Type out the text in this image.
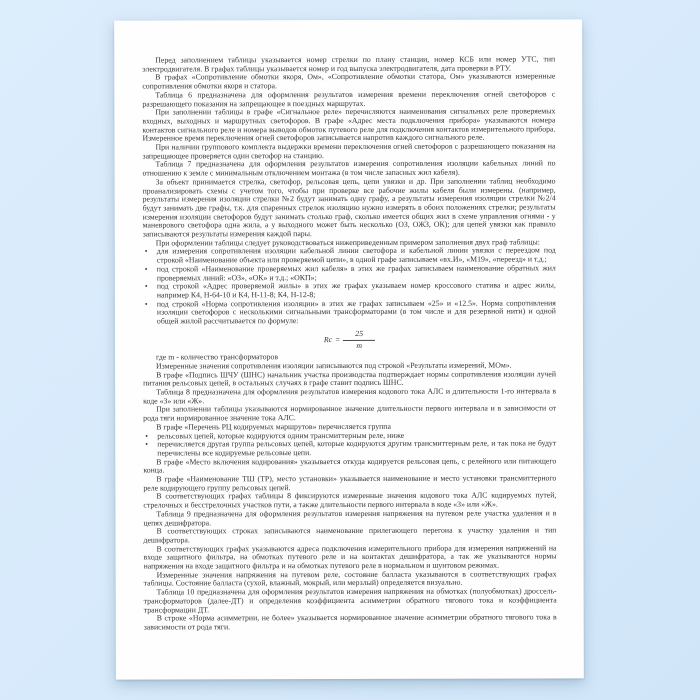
Перед заполнением таблицы указывается номер стрелки по плану станции, номер КСБ или номер УТС, тип электродвигателя. В графах таблицы указывается номер и год выпуска электродвигателя, дата проверки в РТУ.
В графах «Сопротивление обмотки якоря, Ом», «Сопротивление обмотки статора, Ом» указываются измеренные сопротивления обмотки якоря и статора.
Таблица 6 предназначена для оформления результатов измерения времени переключения огней светофоров с разрешающего показания на запрещающее в поездных маршрутах.
При заполнении таблицы в графе «Сигнальное реле» перечисляются наименования сигнальных реле проверяемых входных, выходных и маршрутных светофоров. В графе «Адрес места подключения прибора» указываются номера контактов сигнального реле и номера выводов обмоток путевого реле для подключения контактов измерительного прибора. Измеренное время переключения огней светофоров записывается напротив каждого сигнального реле.
При наличии группового комплекта выдержки времени переключения огней светофоров с разрешающего показания на запрещающее проверяется один светофор на станцию.
Таблица 7 предназначена для оформления результатов измерения сопротивления изоляции кабельных линий по отношению к земле с минимальным отключением монтажа (в том числе запасных жил кабеля).
За объект принимается стрелка, светофор, рельсовая цепь, цепи увязки и др. При заполнении таблиц необходимо проанализировать схемы с учетом того, чтобы при проверке все рабочие жилы кабеля были измерены. (например, результаты измерения изоляции стрелки №2 будут занимать одну графу, а результаты измерения изоляции стрелки №2/4 будут занимать две графы, т.к. для спаренных стрелок изоляцию нужно измерять в обоих положениях стрелки; результаты измерения изоляции светофоров будут занимать столько граф, сколько имеется общих жил в схеме управления огнями - у маневрового светофора одна жила, а у выходного может быть несколько (ОЗ, ОЖЗ, ОК); для цепей увязки как правило записываются результаты измерения каждой пары.
При оформлении таблицы следует руководствоваться нижеприведенным примером заполнения двух граф таблицы:
•	для измерения сопротивления изоляции кабельной линии светофора и кабельной линии увязки с переездом под строкой «Наименование объекта или проверяемой цепи», в одной графе записываем «вх.И», «М19», «переезд» и т.д.;
•	под строкой «Наименование проверяемых жил кабеля» в этих же графах записываем наименование обратных жил проверяемых линий: «ОЗ», «ОК» и т.д.; «ОКП»;
•	под строкой «Адрес проверяемой жилы» в этих же графах указываем номер кроссового статива и адрес жилы, например К4, Н-64-10 и К4, Н-11-8; К4, Н-12-8;
•	под строкой «Норма сопротивления изоляции» в этих же графах записываем «25» и «12.5». Норма сопротивления изоляции светофоров с несколькими сигнальными трансформаторами (в том числе и для резервной нити) и одной общей жилой рассчитывается по формуле:
$Rc = \frac{25}{m}$
где m - количество трансформаторов
Измеренные значения сопротивления изоляции записываются под строкой «Результаты измерений, МОм».
В графе «Подпись ШЧУ (ШНС) начальник участка производства подтверждает нормы сопротивления изоляции лучей питания рельсовых цепей, в остальных случаях в графе ставит подпись ШНС.
Таблица 8 предназначена для оформления результатов измерения кодового тока АЛС и длительности 1-го интервала в коде «З» или «Ж».
При заполнении таблицы указываются нормированное значение длительности первого интервала и в зависимости от рода тяги нормированное значение тока АЛС.
В графе «Перечень РЦ кодируемых маршрутов» перечисляется группа
•	рельсовых цепей, которые кодируются одним трансмиттерным реле, ниже
•	перечисляется другая группа рельсовых цепей, которые кодируются другим трансмиттерным реле, и так пока не будут перечислены все кодируемые рельсовые цепи.
В графе «Место включения кодирования» указывается откуда кодируется рельсовая цепь, с релейного или питающего конца.
В графе «Наименование ТШ (ТР), место установки» указывается наименование и место установки трансмиттерного реле кодирующего группу рельсовых цепей.
В соответствующих графах таблицы 8 фиксируются измеренные значения кодового тока АЛС кодируемых путей, стрелочных и бесстрелочных участков пути, а также длительности первого интервала в коде «З» или «Ж».
Таблица 9 предназначена для оформления результатов измерения напряжения на путевом реле участка удаления и в цепях дешифратора.
В соответствующих строках записываются наименование прилегающего перегона к участку удаления и тип дешифратора.
В соответствующих графах указываются адреса подключения измерительного прибора для измерения напряжений на входе защитного фильтра, на обмотках путевого реле и на контактах дешифратора, а так же указываются нормы напряжения на входе защитного фильтра и на обмотках путевого реле в нормальном и шунтовом режимах.
Измеренные значения напряжения на путевом реле, состояние балласта указываются в соответствующих графах таблицы. Состояние балласта (сухой, влажный, мокрый, или мерзлый) определяется визуально.
Таблица 10 предназначена для оформления результатов измерения напряжения на обмотках (полуобмотках) дроссель-трансформаторов (далее-ДТ) и определения коэффициента асимметрии обратного тягового тока и коэффициента трансформации ДТ.
В строке «Норма асимметрии, не более» указывается нормированное значение асимметрии обратного тягового тока в зависимости от рода тяги.
